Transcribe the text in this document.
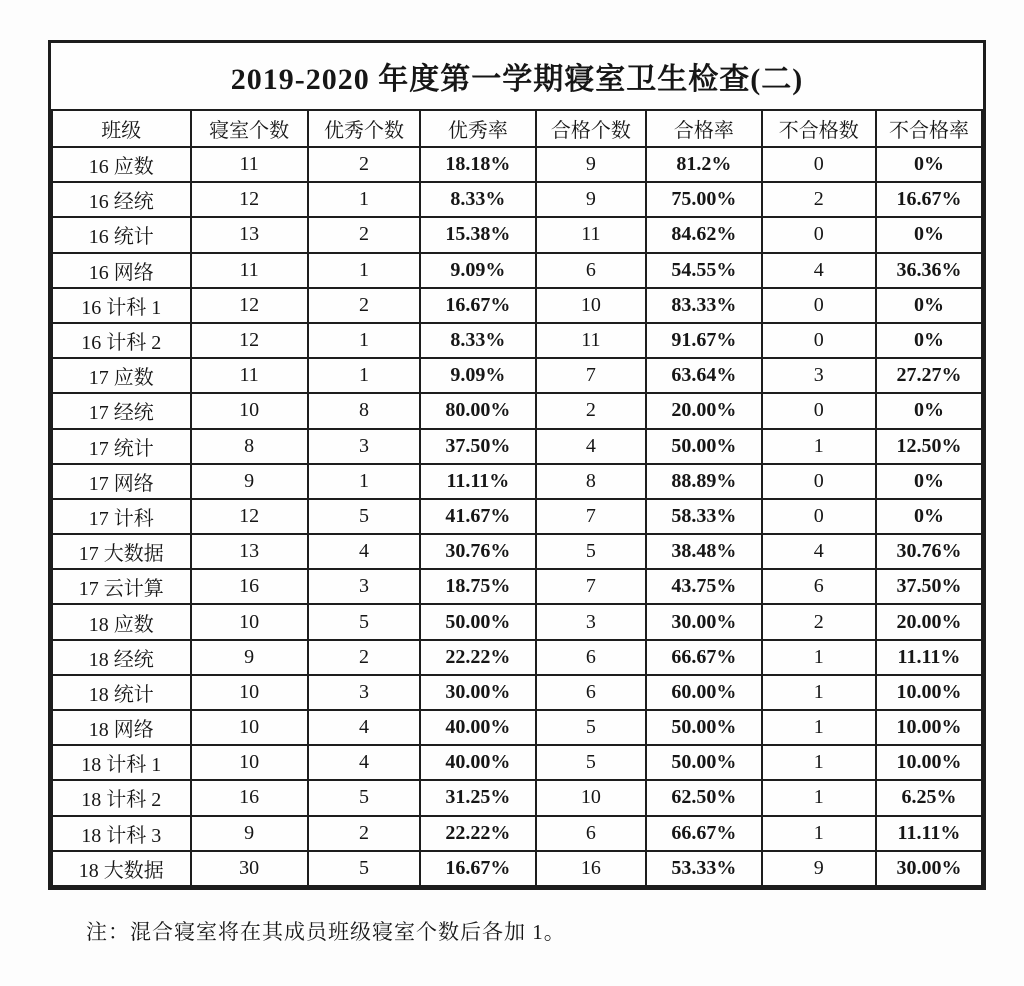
2019-2020 年度第一学期寝室卫生检查(二)
班级	寝室个数	优秀个数	优秀率	合格个数	合格率	不合格数	不合格率
16 应数	11	2	18.18%	9	81.2%	0	0%
16 经统	12	1	8.33%	9	75.00%	2	16.67%
16 统计	13	2	15.38%	11	84.62%	0	0%
16 网络	11	1	9.09%	6	54.55%	4	36.36%
16 计科 1	12	2	16.67%	10	83.33%	0	0%
16 计科 2	12	1	8.33%	11	91.67%	0	0%
17 应数	11	1	9.09%	7	63.64%	3	27.27%
17 经统	10	8	80.00%	2	20.00%	0	0%
17 统计	8	3	37.50%	4	50.00%	1	12.50%
17 网络	9	1	11.11%	8	88.89%	0	0%
17 计科	12	5	41.67%	7	58.33%	0	0%
17 大数据	13	4	30.76%	5	38.48%	4	30.76%
17 云计算	16	3	18.75%	7	43.75%	6	37.50%
18 应数	10	5	50.00%	3	30.00%	2	20.00%
18 经统	9	2	22.22%	6	66.67%	1	11.11%
18 统计	10	3	30.00%	6	60.00%	1	10.00%
18 网络	10	4	40.00%	5	50.00%	1	10.00%
18 计科 1	10	4	40.00%	5	50.00%	1	10.00%
18 计科 2	16	5	31.25%	10	62.50%	1	6.25%
18 计科 3	9	2	22.22%	6	66.67%	1	11.11%
18 大数据	30	5	16.67%	16	53.33%	9	30.00%
注：混合寝室将在其成员班级寝室个数后各加 1。
